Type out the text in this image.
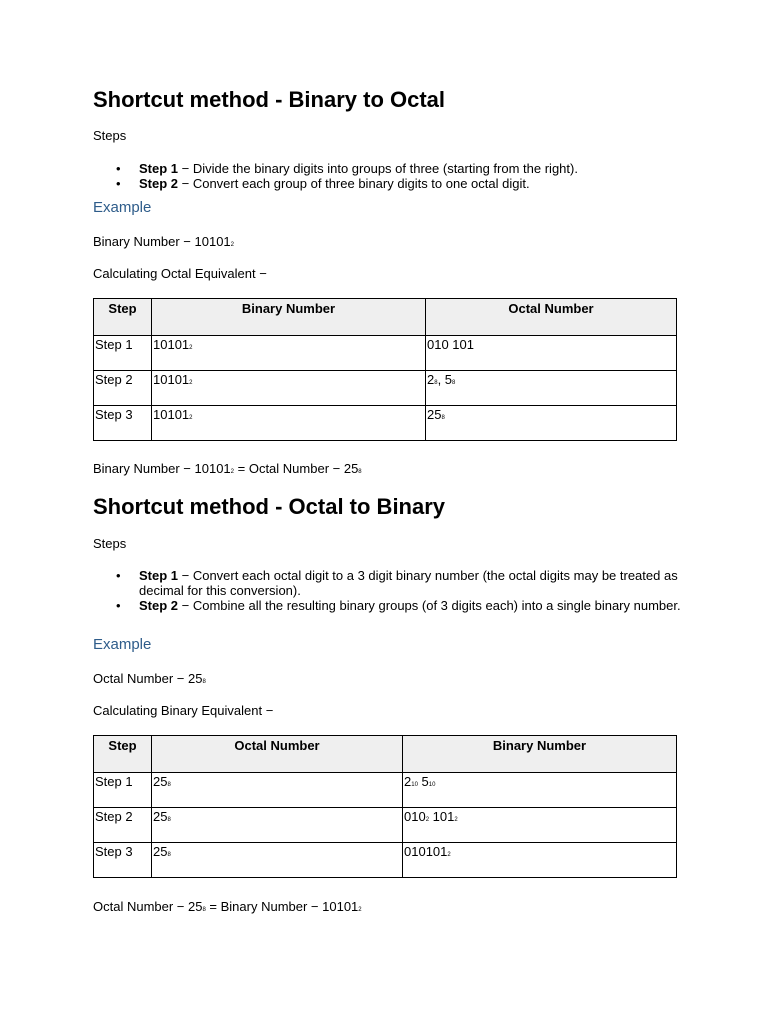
Shortcut method - Binary to Octal
Steps
• Step 1 − Divide the binary digits into groups of three (starting from the right).
• Step 2 − Convert each group of three binary digits to one octal digit.
Example
Binary Number − 101012
Calculating Octal Equivalent −
Step	Binary Number	Octal Number
Step 1	101012	010 101
Step 2	101012	28, 58
Step 3	101012	258
Binary Number − 101012 = Octal Number − 258
Shortcut method - Octal to Binary
Steps
• Step 1 − Convert each octal digit to a 3 digit binary number (the octal digits may be treated as decimal for this conversion).
• Step 2 − Combine all the resulting binary groups (of 3 digits each) into a single binary number.
Example
Octal Number − 258
Calculating Binary Equivalent −
Step	Octal Number	Binary Number
Step 1	258	210 510
Step 2	258	0102 1012
Step 3	258	0101012
Octal Number − 258 = Binary Number − 101012
